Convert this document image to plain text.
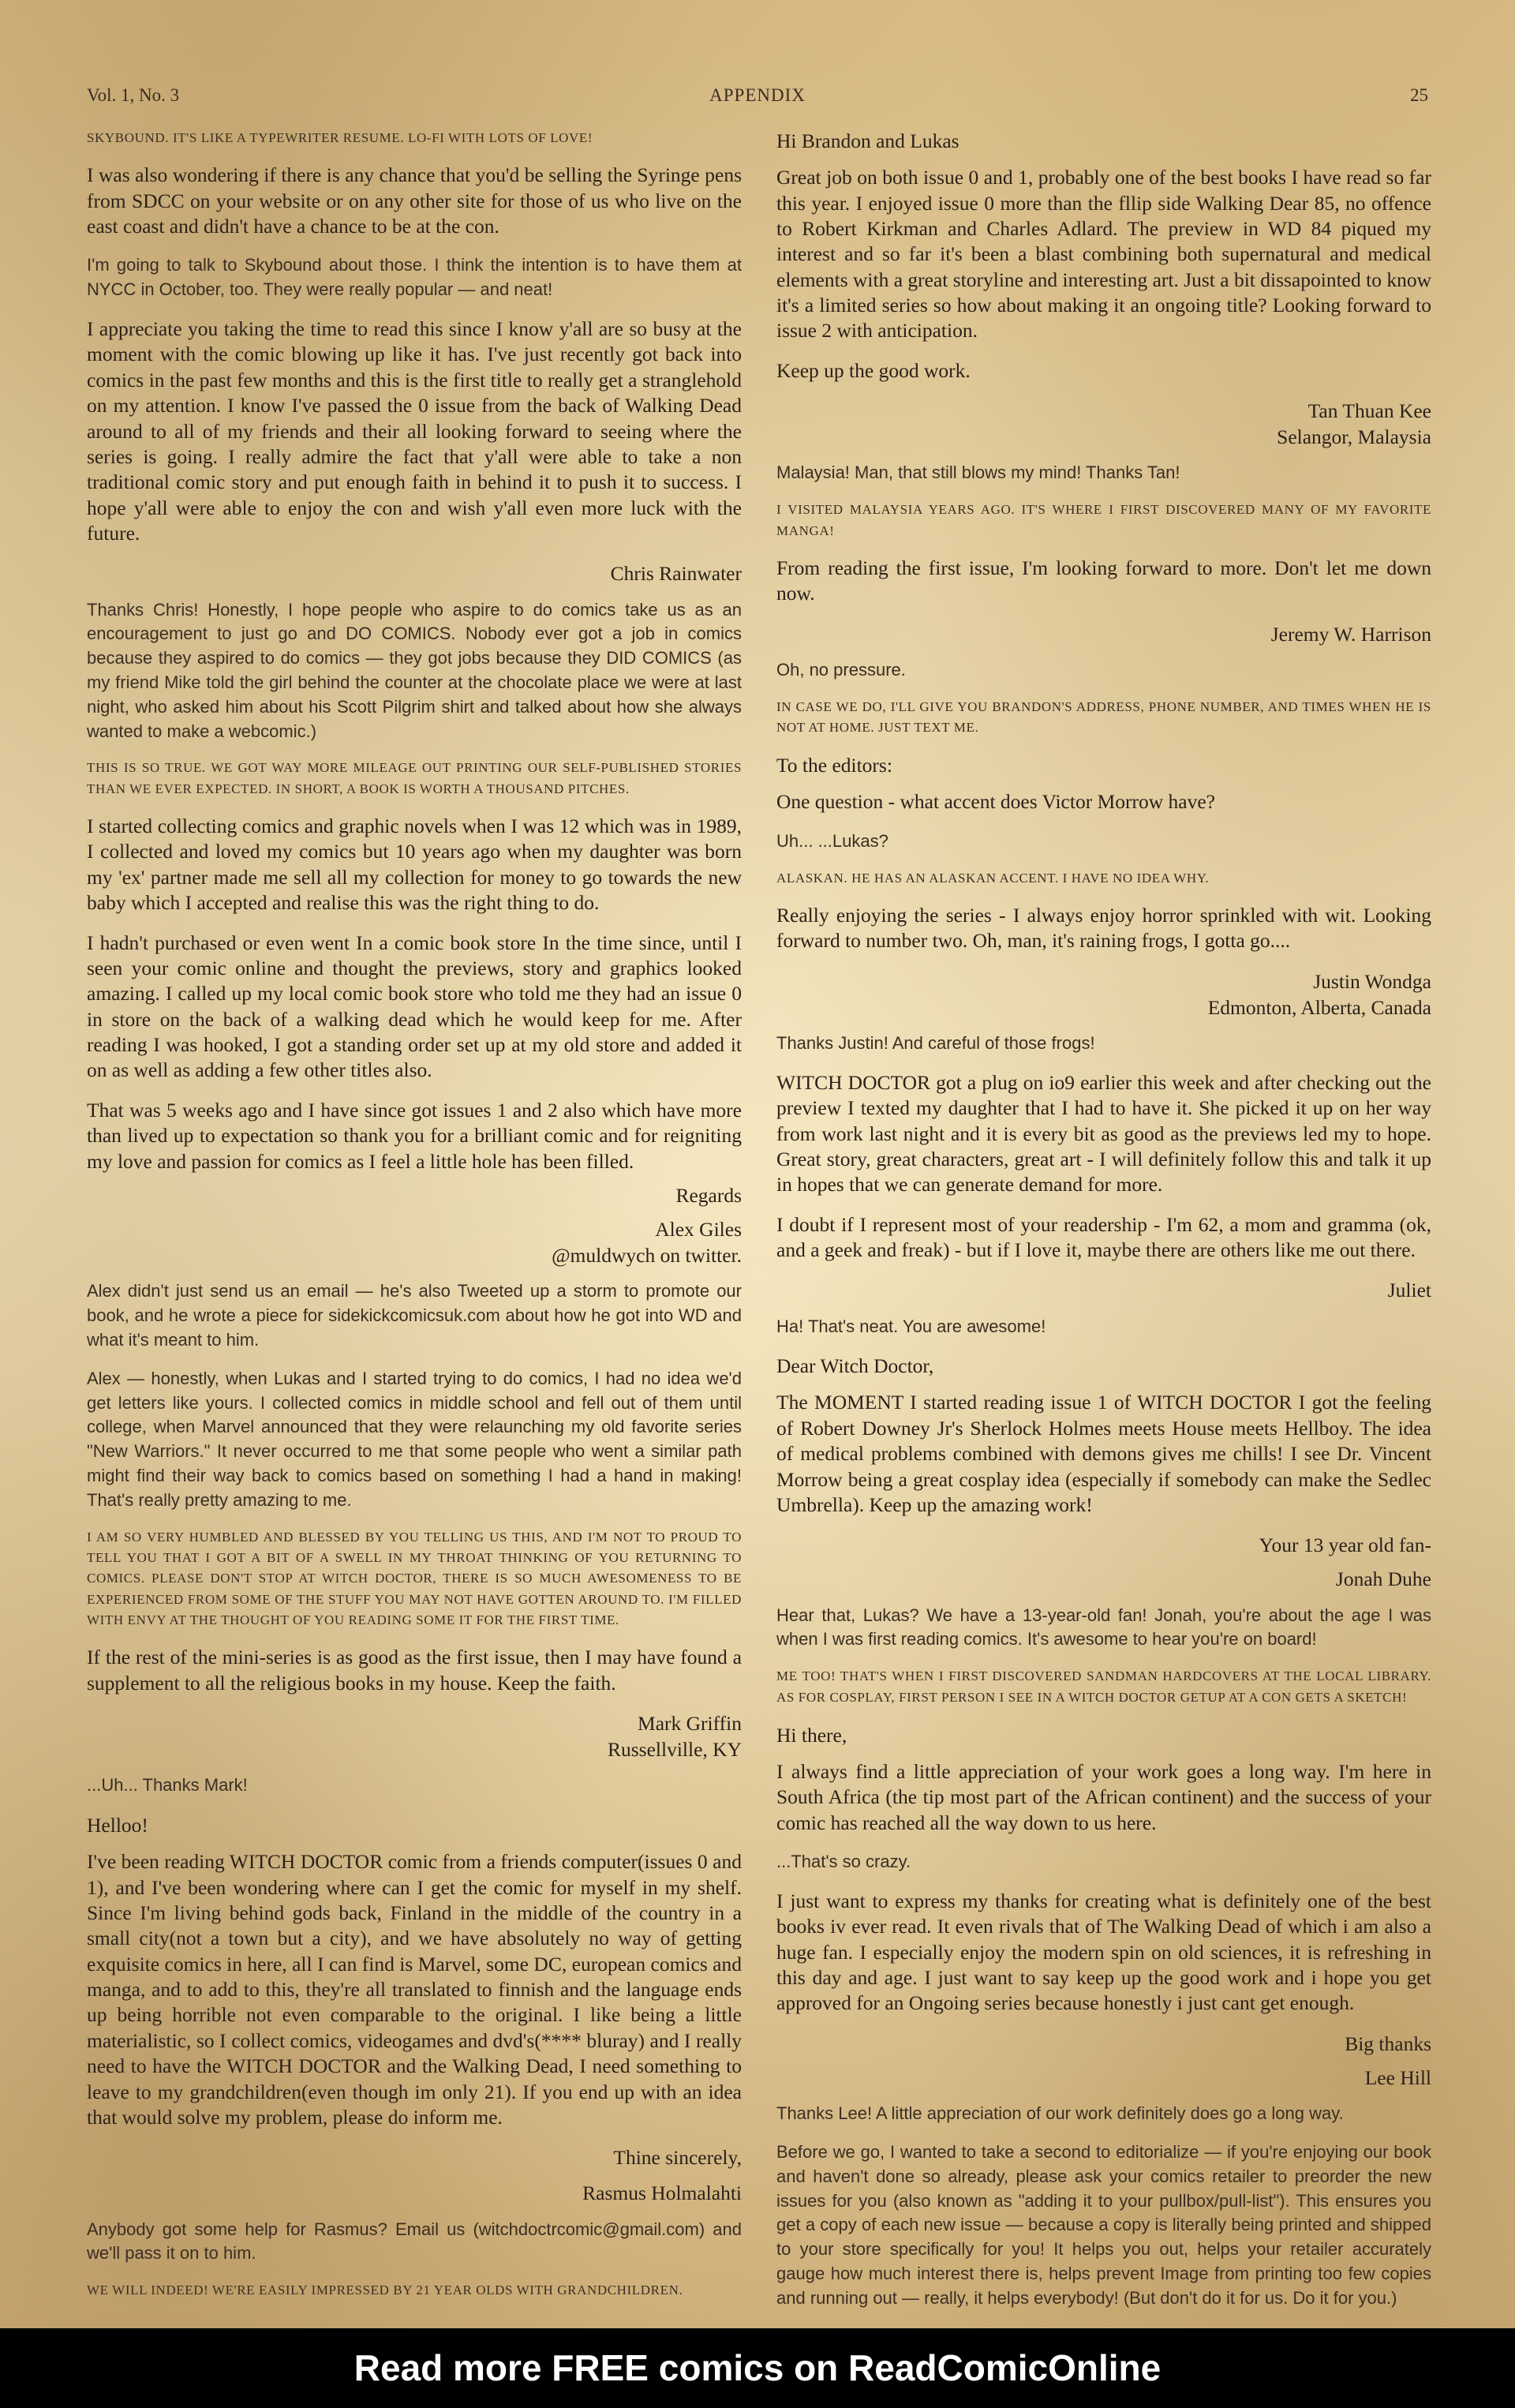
Vol. 1, No. 3	APPENDIX	25

SKYBOUND. IT'S LIKE A TYPEWRITER RESUME. LO-FI WITH LOTS OF LOVE!

I was also wondering if there is any chance that you'd be selling the Syringe pens from SDCC on your website or on any other site for those of us who live on the east coast and didn't have a chance to be at the con.

I'm going to talk to Skybound about those. I think the intention is to have them at NYCC in October, too. They were really popular — and neat!

I appreciate you taking the time to read this since I know y'all are so busy at the moment with the comic blowing up like it has. I've just recently got back into comics in the past few months and this is the first title to really get a stranglehold on my attention. I know I've passed the 0 issue from the back of Walking Dead around to all of my friends and their all looking forward to seeing where the series is going. I really admire the fact that y'all were able to take a non traditional comic story and put enough faith in behind it to push it to success. I hope y'all were able to enjoy the con and wish y'all even more luck with the future.

Chris Rainwater

Thanks Chris! Honestly, I hope people who aspire to do comics take us as an encouragement to just go and DO COMICS. Nobody ever got a job in comics because they aspired to do comics — they got jobs because they DID COMICS (as my friend Mike told the girl behind the counter at the chocolate place we were at last night, who asked him about his Scott Pilgrim shirt and talked about how she always wanted to make a webcomic.)

THIS IS SO TRUE. WE GOT WAY MORE MILEAGE OUT PRINTING OUR SELF-PUBLISHED STORIES THAN WE EVER EXPECTED. IN SHORT, A BOOK IS WORTH A THOUSAND PITCHES.

I started collecting comics and graphic novels when I was 12 which was in 1989, I collected and loved my comics but 10 years ago when my daughter was born my 'ex' partner made me sell all my collection for money to go towards the new baby which I accepted and realise this was the right thing to do.

I hadn't purchased or even went In a comic book store In the time since, until I seen your comic online and thought the previews, story and graphics looked amazing. I called up my local comic book store who told me they had an issue 0 in store on the back of a walking dead which he would keep for me. After reading I was hooked, I got a standing order set up at my old store and added it on as well as adding a few other titles also.

That was 5 weeks ago and I have since got issues 1 and 2 also which have more than lived up to expectation so thank you for a brilliant comic and for reigniting my love and passion for comics as I feel a little hole has been filled.

Regards
Alex Giles
@muldwych on twitter.

Alex didn't just send us an email — he's also Tweeted up a storm to promote our book, and he wrote a piece for sidekickcomicsuk.com about how he got into WD and what it's meant to him.

Alex — honestly, when Lukas and I started trying to do comics, I had no idea we'd get letters like yours. I collected comics in middle school and fell out of them until college, when Marvel announced that they were relaunching my old favorite series "New Warriors." It never occurred to me that some people who went a similar path might find their way back to comics based on something I had a hand in making! That's really pretty amazing to me.

I AM SO VERY HUMBLED AND BLESSED BY YOU TELLING US THIS, AND I'M NOT TO PROUD TO TELL YOU THAT I GOT A BIT OF A SWELL IN MY THROAT THINKING OF YOU RETURNING TO COMICS. PLEASE DON'T STOP AT WITCH DOCTOR, THERE IS SO MUCH AWESOMENESS TO BE EXPERIENCED FROM SOME OF THE STUFF YOU MAY NOT HAVE GOTTEN AROUND TO. I'M FILLED WITH ENVY AT THE THOUGHT OF YOU READING SOME IT FOR THE FIRST TIME.

If the rest of the mini-series is as good as the first issue, then I may have found a supplement to all the religious books in my house. Keep the faith.

Mark Griffin
Russellville, KY

...Uh... Thanks Mark!

Helloo!

I've been reading WITCH DOCTOR comic from a friends computer(issues 0 and 1), and I've been wondering where can I get the comic for myself in my shelf. Since I'm living behind gods back, Finland in the middle of the country in a small city(not a town but a city), and we have absolutely no way of getting exquisite comics in here, all I can find is Marvel, some DC, european comics and manga, and to add to this, they're all translated to finnish and the language ends up being horrible not even comparable to the original. I like being a little materialistic, so I collect comics, videogames and dvd's(**** bluray) and I really need to have the WITCH DOCTOR and the Walking Dead, I need something to leave to my grandchildren(even though im only 21). If you end up with an idea that would solve my problem, please do inform me.

Thine sincerely,
Rasmus Holmalahti

Anybody got some help for Rasmus? Email us (witchdoctrcomic@gmail.com) and we'll pass it on to him.

WE WILL INDEED! WE'RE EASILY IMPRESSED BY 21 YEAR OLDS WITH GRANDCHILDREN.

Hi Brandon and Lukas

Great job on both issue 0 and 1, probably one of the best books I have read so far this year. I enjoyed issue 0 more than the fllip side Walking Dear 85, no offence to Robert Kirkman and Charles Adlard. The preview in WD 84 piqued my interest and so far it's been a blast combining both supernatural and medical elements with a great storyline and interesting art. Just a bit dissapointed to know it's a limited series so how about making it an ongoing title? Looking forward to issue 2 with anticipation.

Keep up the good work.

Tan Thuan Kee
Selangor, Malaysia

Malaysia! Man, that still blows my mind! Thanks Tan!

I VISITED MALAYSIA YEARS AGO. IT'S WHERE I FIRST DISCOVERED MANY OF MY FAVORITE MANGA!

From reading the first issue, I'm looking forward to more. Don't let me down now.

Jeremy W. Harrison

Oh, no pressure.

IN CASE WE DO, I'LL GIVE YOU BRANDON'S ADDRESS, PHONE NUMBER, AND TIMES WHEN HE IS NOT AT HOME. JUST TEXT ME.

To the editors:

One question - what accent does Victor Morrow have?

Uh... ...Lukas?

ALASKAN. HE HAS AN ALASKAN ACCENT. I HAVE NO IDEA WHY.

Really enjoying the series - I always enjoy horror sprinkled with wit. Looking forward to number two. Oh, man, it's raining frogs, I gotta go....

Justin Wondga
Edmonton, Alberta, Canada

Thanks Justin! And careful of those frogs!

WITCH DOCTOR got a plug on io9 earlier this week and after checking out the preview I texted my daughter that I had to have it. She picked it up on her way from work last night and it is every bit as good as the previews led my to hope. Great story, great characters, great art - I will definitely follow this and talk it up in hopes that we can generate demand for more.

I doubt if I represent most of your readership - I'm 62, a mom and gramma (ok, and a geek and freak) - but if I love it, maybe there are others like me out there.

Juliet

Ha! That's neat. You are awesome!

Dear Witch Doctor,

The MOMENT I started reading issue 1 of WITCH DOCTOR I got the feeling of Robert Downey Jr's Sherlock Holmes meets House meets Hellboy. The idea of medical problems combined with demons gives me chills! I see Dr. Vincent Morrow being a great cosplay idea (especially if somebody can make the Sedlec Umbrella). Keep up the amazing work!

Your 13 year old fan-
Jonah Duhe

Hear that, Lukas? We have a 13-year-old fan! Jonah, you're about the age I was when I was first reading comics. It's awesome to hear you're on board!

ME TOO! THAT'S WHEN I FIRST DISCOVERED SANDMAN HARDCOVERS AT THE LOCAL LIBRARY. AS FOR COSPLAY, FIRST PERSON I SEE IN A WITCH DOCTOR GETUP AT A CON GETS A SKETCH!

Hi there,

I always find a little appreciation of your work goes a long way. I'm here in South Africa (the tip most part of the African continent) and the success of your comic has reached all the way down to us here.

...That's so crazy.

I just want to express my thanks for creating what is definitely one of the best books iv ever read. It even rivals that of The Walking Dead of which i am also a huge fan. I especially enjoy the modern spin on old sciences, it is refreshing in this day and age. I just want to say keep up the good work and i hope you get approved for an Ongoing series because honestly i just cant get enough.

Big thanks
Lee Hill

Thanks Lee! A little appreciation of our work definitely does go a long way.

Before we go, I wanted to take a second to editorialize — if you're enjoying our book and haven't done so already, please ask your comics retailer to preorder the new issues for you (also known as "adding it to your pullbox/pull-list"). This ensures you get a copy of each new issue — because a copy is literally being printed and shipped to your store specifically for you! It helps you out, helps your retailer accurately gauge how much interest there is, helps prevent Image from printing too few copies and running out — really, it helps everybody! (But don't do it for us. Do it for you.)

Read more FREE comics on ReadComicOnline
